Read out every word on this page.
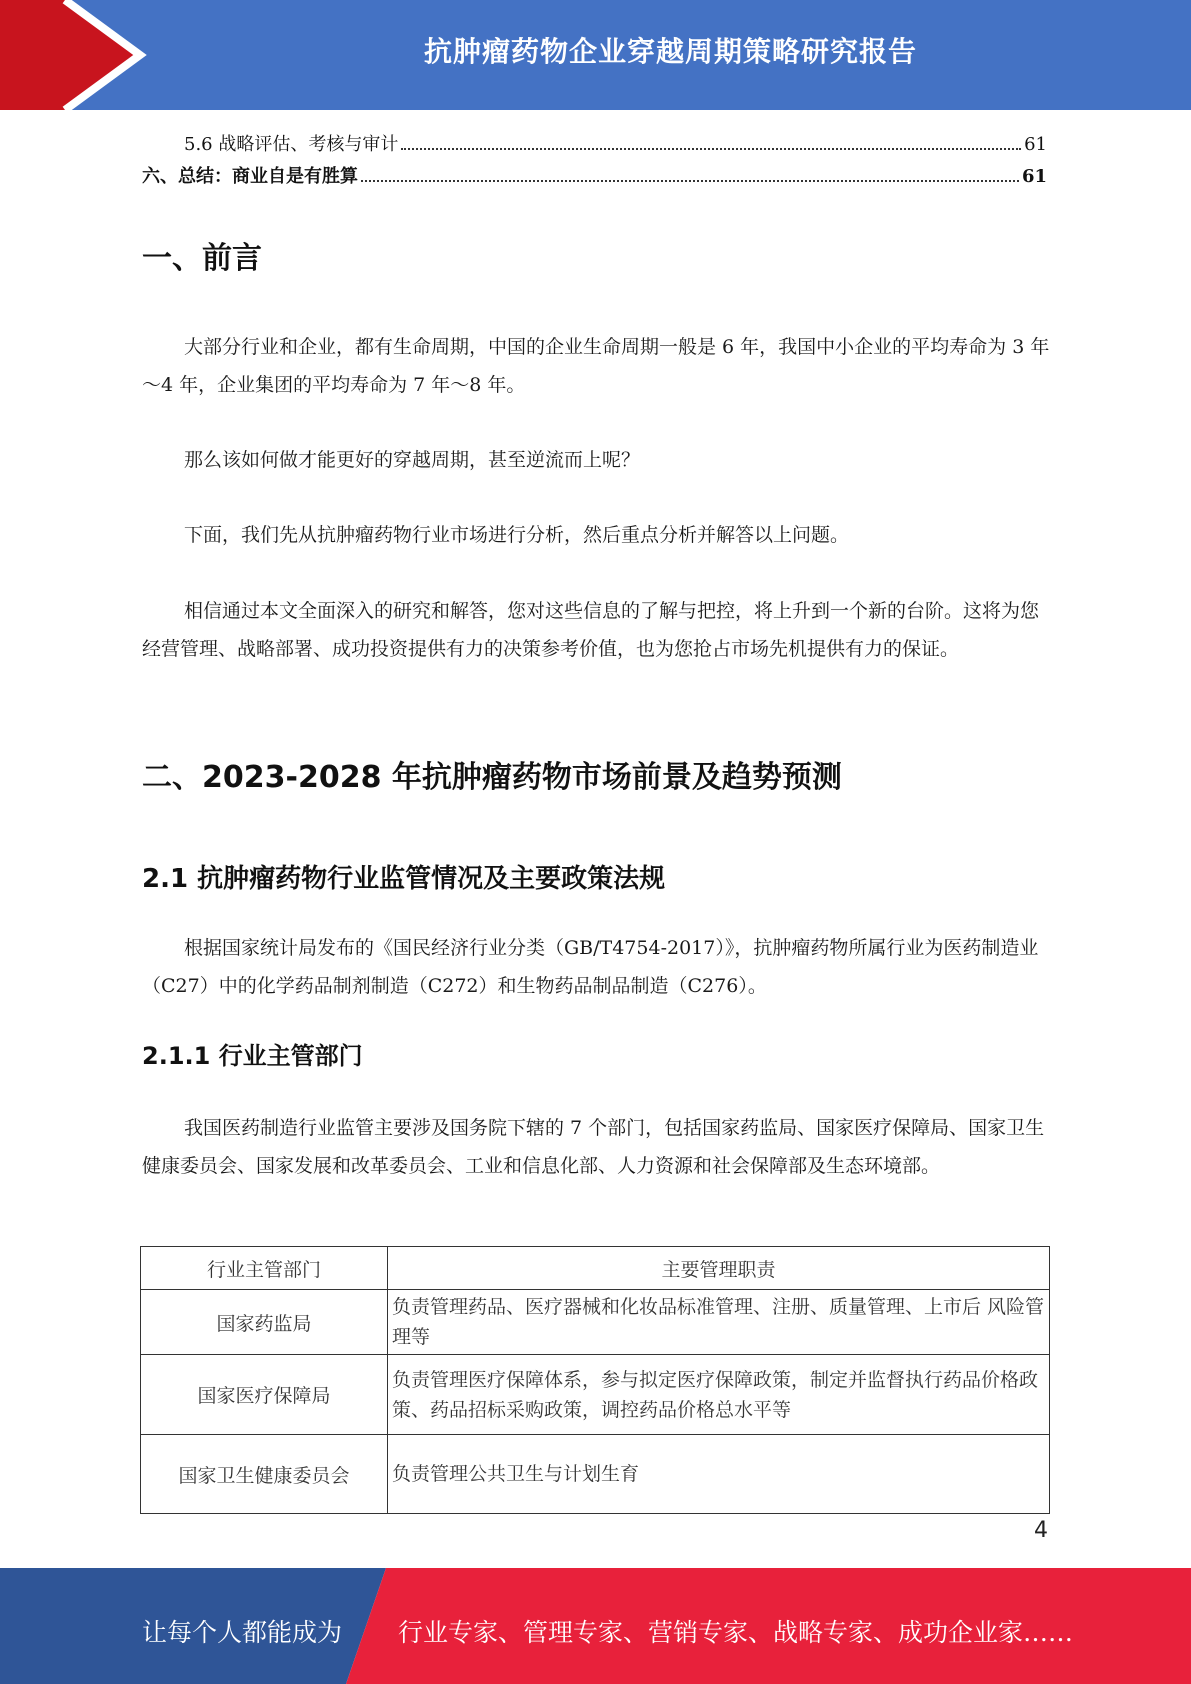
抗肿瘤药物企业穿越周期策略研究报告
5.6 战略评估、考核与审计	61
六、总结：商业自是有胜算	61
一、前言

大部分行业和企业，都有生命周期，中国的企业生命周期一般是 6 年，我国中小企业的平均寿命为 3 年～4 年，企业集团的平均寿命为 7 年～8 年。

那么该如何做才能更好的穿越周期，甚至逆流而上呢？

下面，我们先从抗肿瘤药物行业市场进行分析，然后重点分析并解答以上问题。

相信通过本文全面深入的研究和解答，您对这些信息的了解与把控，将上升到一个新的台阶。这将为您经营管理、战略部署、成功投资提供有力的决策参考价值，也为您抢占市场先机提供有力的保证。

二、2023-2028 年抗肿瘤药物市场前景及趋势预测
2.1 抗肿瘤药物行业监管情况及主要政策法规

根据国家统计局发布的《国民经济行业分类（GB/T4754-2017）》，抗肿瘤药物所属行业为医药制造业（C27）中的化学药品制剂制造（C272）和生物药品制品制造（C276）。

2.1.1 行业主管部门

我国医药制造行业监管主要涉及国务院下辖的 7 个部门，包括国家药监局、国家医疗保障局、国家卫生健康委员会、国家发展和改革委员会、工业和信息化部、人力资源和社会保障部及生态环境部。

行业主管部门	主要管理职责
国家药监局	负责管理药品、医疗器械和化妆品标准管理、注册、质量管理、上市后 风险管理等
国家医疗保障局	负责管理医疗保障体系，参与拟定医疗保障政策，制定并监督执行药品价格政策、药品招标采购政策，调控药品价格总水平等
国家卫生健康委员会	负责管理公共卫生与计划生育
4
让每个人都能成为 行业专家、管理专家、营销专家、战略专家、成功企业家……
